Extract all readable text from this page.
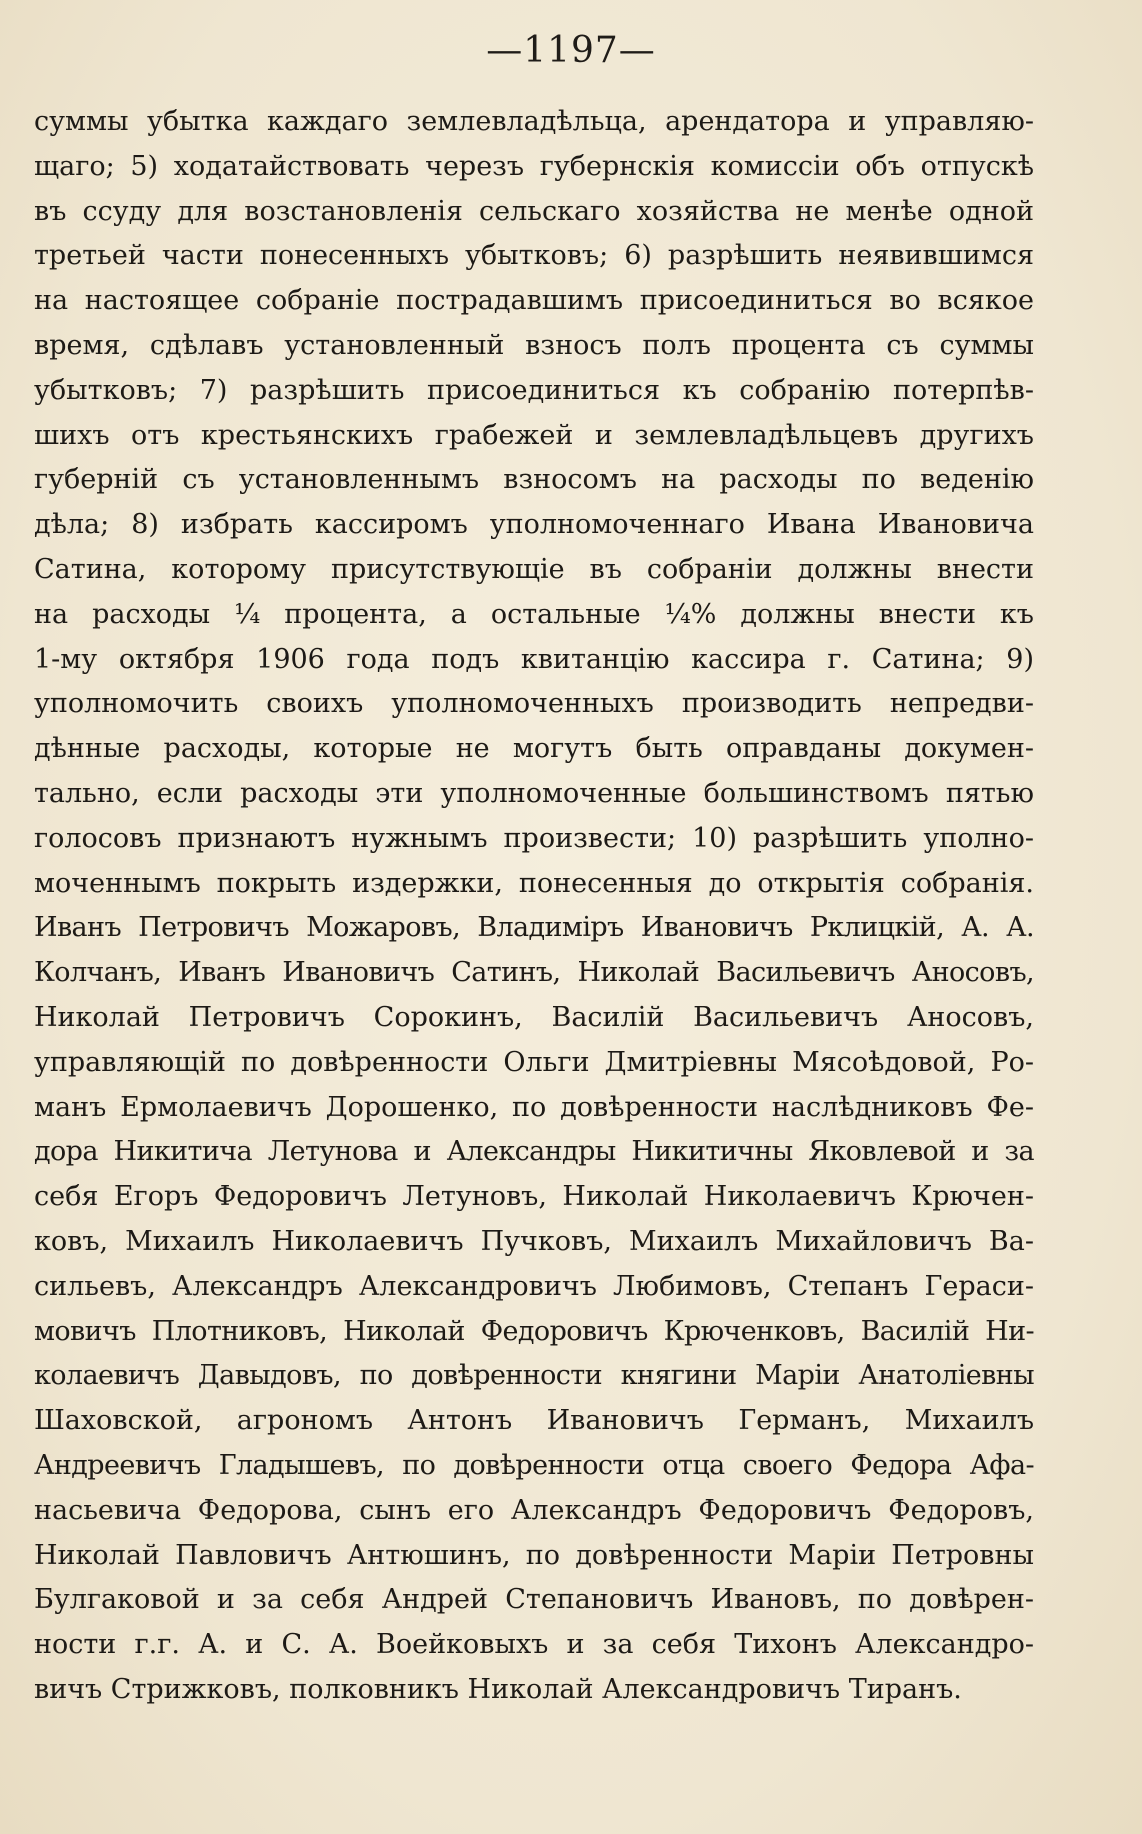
—1197—
суммы убытка каждаго землевладѣльца, арендатора и управляю-
щаго; 5) ходатайствовать черезъ губернскія комиссіи объ отпускѣ
въ ссуду для возстановленія сельскаго хозяйства не менѣе одной
третьей части понесенныхъ убытковъ; 6) разрѣшить неявившимся
на настоящее собраніе пострадавшимъ присоединиться во всякое
время, сдѣлавъ установленный взносъ полъ процента съ суммы
убытковъ; 7) разрѣшить присоединиться къ собранію потерпѣв-
шихъ отъ крестьянскихъ грабежей и землевладѣльцевъ другихъ
губерній съ установленнымъ взносомъ на расходы по веденію
дѣла; 8) избрать кассиромъ уполномоченнаго Ивана Ивановича
Сатина, которому присутствующіе въ собраніи должны внести
на расходы ¼ процента, а остальные ¼% должны внести къ
1-му октября 1906 года подъ квитанцію кассира г. Сатина; 9)
уполномочить своихъ уполномоченныхъ производить непредви-
дѣнные расходы, которые не могутъ быть оправданы докумен-
тально, если расходы эти уполномоченные большинствомъ пятью
голосовъ признаютъ нужнымъ произвести; 10) разрѣшить уполно-
моченнымъ покрыть издержки, понесенныя до открытія собранія.
Иванъ Петровичъ Можаровъ, Владиміръ Ивановичъ Рклицкій, А. А.
Колчанъ, Иванъ Ивановичъ Сатинъ, Николай Васильевичъ Аносовъ,
Николай Петровичъ Сорокинъ, Василій Васильевичъ Аносовъ,
управляющій по довѣренности Ольги Дмитріевны Мясоѣдовой, Ро-
манъ Ермолаевичъ Дорошенко, по довѣренности наслѣдниковъ Фе-
дора Никитича Летунова и Александры Никитичны Яковлевой и за
себя Егоръ Федоровичъ Летуновъ, Николай Николаевичъ Крючен-
ковъ, Михаилъ Николаевичъ Пучковъ, Михаилъ Михайловичъ Ва-
сильевъ, Александръ Александровичъ Любимовъ, Степанъ Гераси-
мовичъ Плотниковъ, Николай Федоровичъ Крюченковъ, Василій Ни-
колаевичъ Давыдовъ, по довѣренности княгини Маріи Анатоліевны
Шаховской, агрономъ Антонъ Ивановичъ Германъ, Михаилъ
Андреевичъ Гладышевъ, по довѣренности отца своего Федора Афа-
насьевича Федорова, сынъ его Александръ Федоровичъ Федоровъ,
Николай Павловичъ Антюшинъ, по довѣренности Маріи Петровны
Булгаковой и за себя Андрей Степановичъ Ивановъ, по довѣрен-
ности г.г. А. и С. А. Воейковыхъ и за себя Тихонъ Александро-
вичъ Стрижковъ, полковникъ Николай Александровичъ Тиранъ.
